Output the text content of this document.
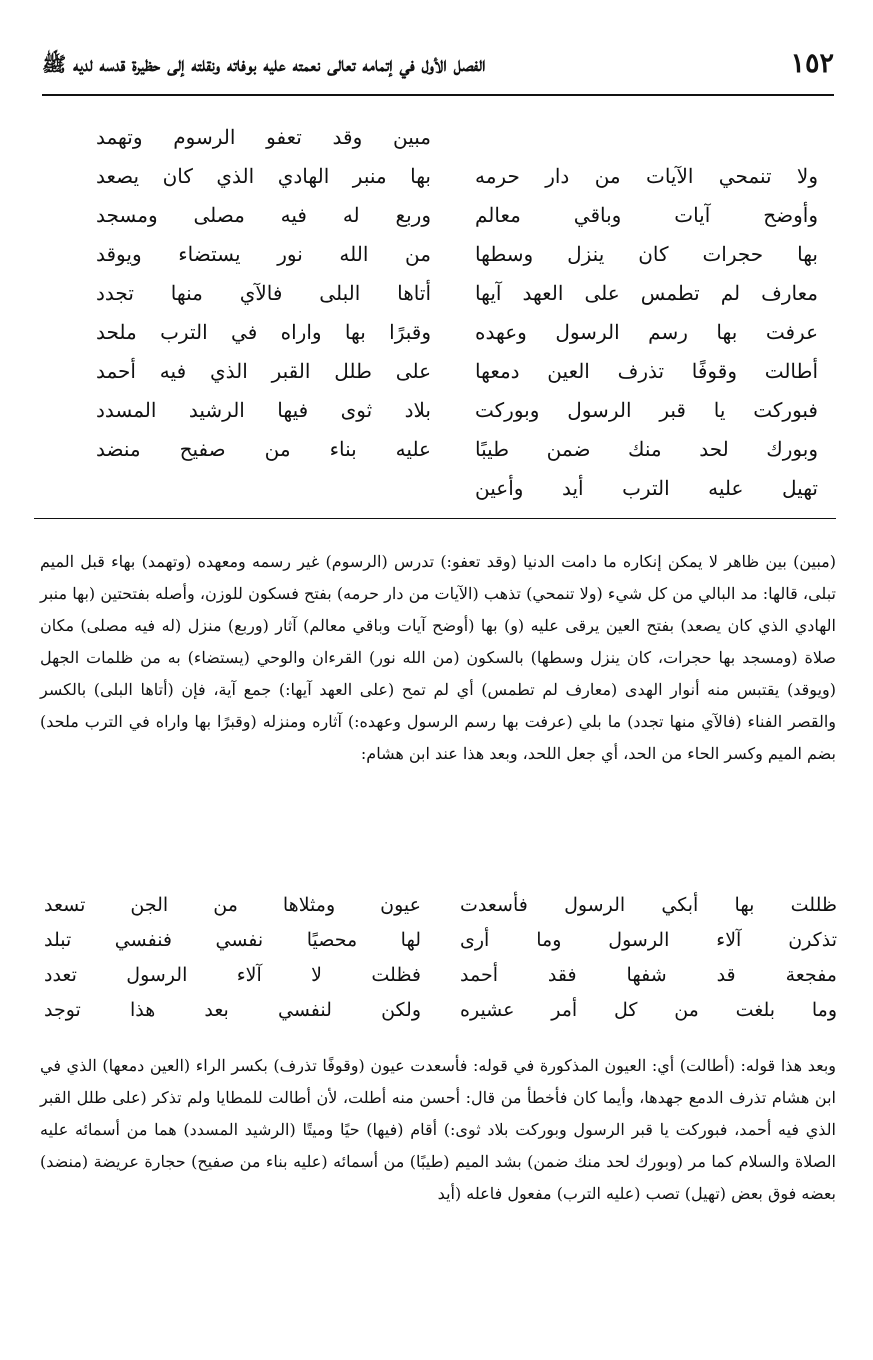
١٥٢
الفصل الأول في إتمامه تعالى نعمته عليه بوفاته ونقلته إلى حظيرة قدسه لديه ﷺ
ولا تنمحي الآيات من دار حرمه
وأوضح آيات وباقي معالم
بها حجرات كان ينزل وسطها
معارف لم تطمس على العهد آيها
عرفت بها رسم الرسول وعهده
أطالت وقوفًا تذرف العين دمعها
فبوركت يا قبر الرسول وبوركت
وبورك لحد منك ضمن طيبًا
تهيل عليه الترب أيد وأعين
مبين وقد تعفو الرسوم وتهمد
بها منبر الهادي الذي كان يصعد
وربع له فيه مصلى ومسجد
من الله نور يستضاء ويوقد
أتاها البلى فالآي منها تجدد
وقبرًا بها واراه في الترب ملحد
على طلل القبر الذي فيه أحمد
بلاد ثوى فيها الرشيد المسدد
عليه بناء من صفيح منضد

(مبين) بين ظاهر لا يمكن إنكاره ما دامت الدنيا (وقد تعفو:) تدرس (الرسوم) غير رسمه ومعهده (وتهمد) بهاء قبل الميم تبلى، قالها: مد البالي من كل شيء (ولا تنمحي) تذهب (الآيات من دار حرمه) بفتح فسكون للوزن، وأصله بفتحتين (بها منبر الهادي الذي كان يصعد) بفتح العين يرقى عليه (و) بها (أوضح آيات وباقي معالم) آثار (وربع) منزل (له فيه مصلى) مكان صلاة (ومسجد بها حجرات، كان ينزل وسطها) بالسكون (من الله نور) القرءان والوحي (يستضاء) به من ظلمات الجهل (ويوقد) يقتبس منه أنوار الهدى (معارف لم تطمس) أي لم تمح (على العهد آيها:) جمع آية، فإن (أتاها البلى) بالكسر والقصر الفناء (فالآي منها تجدد) ما بلي (عرفت بها رسم الرسول وعهده:) آثاره ومنزله (وقبرًا بها واراه في الترب ملحد) بضم الميم وكسر الحاء من الحد، أي جعل اللحد، وبعد هذا عند ابن هشام:

ظللت بها أبكي الرسول فأسعدت
تذكرن آلاء الرسول وما أرى
مفجعة قد شفها فقد أحمد
وما بلغت من كل أمر عشيره
عيون ومثلاها من الجن تسعد
لها محصيًا نفسي فنفسي تبلد
فظلت لا آلاء الرسول تعدد
ولكن لنفسي بعد هذا توجد

وبعد هذا قوله: (أطالت) أي: العيون المذكورة في قوله: فأسعدت عيون (وقوفًا تذرف) بكسر الراء (العين دمعها) الذي في ابن هشام تذرف الدمع جهدها، وأيما كان فأخطأ من قال: أحسن منه أطلت، لأن أطالت للمطايا ولم تذكر (على طلل القبر الذي فيه أحمد، فبوركت يا قبر الرسول وبوركت بلاد ثوى:) أقام (فيها) حيًا وميتًا (الرشيد المسدد) هما من أسمائه عليه الصلاة والسلام كما مر (وبورك لحد منك ضمن) بشد الميم (طيبًا) من أسمائه (عليه بناء من صفيح) حجارة عريضة (منضد) بعضه فوق بعض (تهيل) تصب (عليه الترب) مفعول فاعله (أيد
